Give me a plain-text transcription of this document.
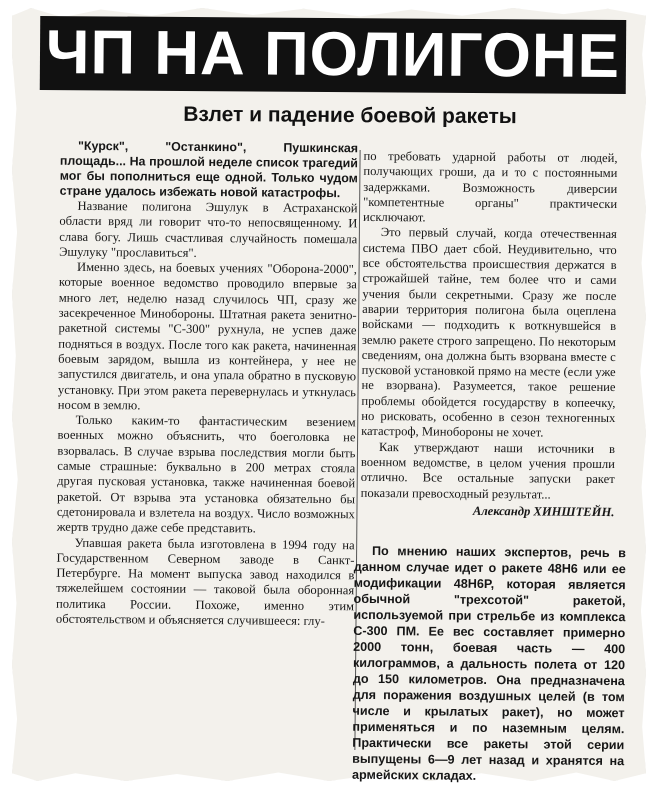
ЧП НА ПОЛИГОНЕ
Взлет и падение боевой ракеты

"Курск", "Останкино", Пушкинская площадь... На прошлой неделе список трагедий мог бы пополниться еще одной. Только чудом стране удалось избежать новой катастрофы.

Название полигона Эшулук в Астраханской области вряд ли говорит что-то непосвященному. И слава богу. Лишь счастливая случайность помешала Эшулуку "прославиться".

Именно здесь, на боевых учениях "Оборона-2000", которые военное ведомство проводило впервые за много лет, неделю назад случилось ЧП, сразу же засекреченное Минобороны. Штатная ракета зенитно-ракетной системы "С-300" рухнула, не успев даже подняться в воздух. После того как ракета, начиненная боевым зарядом, вышла из контейнера, у нее не запустился двигатель, и она упала обратно в пусковую установку. При этом ракета перевернулась и уткнулась носом в землю.

Только каким-то фантастическим везением военных можно объяснить, что боеголовка не взорвалась. В случае взрыва последствия могли быть самые страшные: буквально в 200 метрах стояла другая пусковая установка, также начиненная боевой ракетой. От взрыва эта установка обязательно бы сдетонировала и взлетела на воздух. Число возможных жертв трудно даже себе представить.

Упавшая ракета была изготовлена в 1994 году на Государственном Северном заводе в Санкт-Петербурге. На момент выпуска завод находился в тяжелейшем состоянии — таковой была оборонная политика России. Похоже, именно этим обстоятельством и объясняется случившееся: глу-

по требовать ударной работы от людей, получающих гроши, да и то с постоянными задержками. Возможность диверсии "компетентные органы" практически исключают.

Это первый случай, когда отечественная система ПВО дает сбой. Неудивительно, что все обстоятельства происшествия держатся в строжайшей тайне, тем более что и сами учения были секретными. Сразу же после аварии территория полигона была оцеплена войсками — подходить к воткнувшейся в землю ракете строго запрещено. По некоторым сведениям, она должна быть взорвана вместе с пусковой установкой прямо на месте (если уже не взорвана). Разумеется, такое решение проблемы обойдется государству в копеечку, но рисковать, особенно в сезон техногенных катастроф, Минобороны не хочет.

Как утверждают наши источники в военном ведомстве, в целом учения прошли отлично. Все остальные запуски ракет показали превосходный результат...

Александр ХИНШТЕЙН.

По мнению наших экспертов, речь в данном случае идет о ракете 48Н6 или ее модификации 48Н6Р, которая является обычной "трехсотой" ракетой, используемой при стрельбе из комплекса С-300 ПМ. Ее вес составляет примерно 2000 тонн, боевая часть — 400 килограммов, а дальность полета от 120 до 150 километров. Она предназначена для поражения воздушных целей (в том числе и крылатых ракет), но может применяться и по наземным целям. Практически все ракеты этой серии выпущены 6—9 лет назад и хранятся на армейских складах.
